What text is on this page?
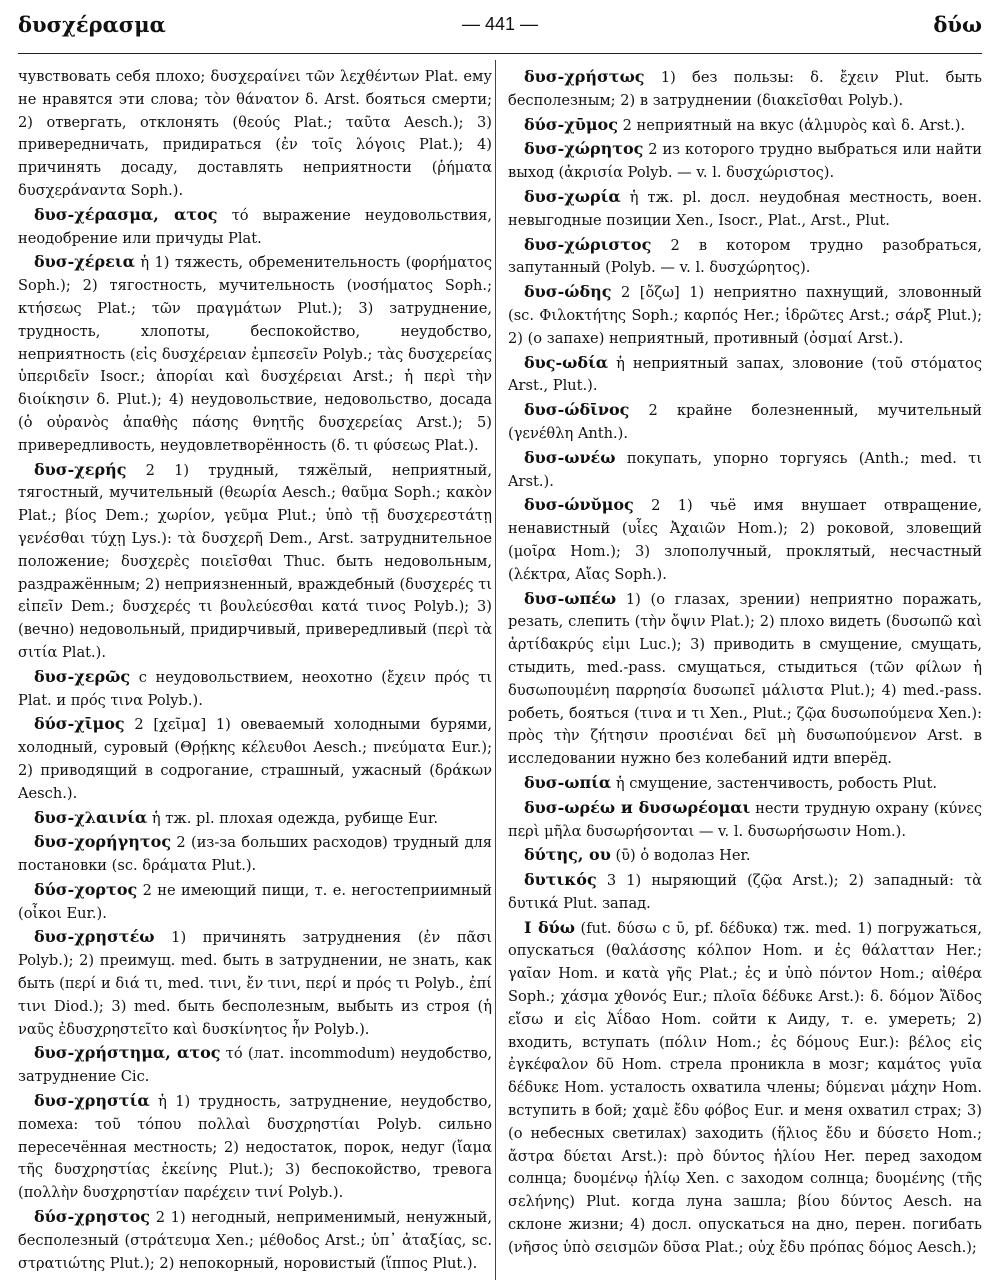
δυσχέρασμα	— 441 —	δύω

чувствовать себя плохо; δυσχεραίνει τῶν λεχθέντων Plat. ему не нравятся эти слова; τὸν θάνατον δ. Arst. бояться смерти; 2) отвергать, отклонять (θεούς Plat.; ταῦτα Aesch.); 3) привередничать, придираться (ἐν τοῖς λόγοις Plat.); 4) причинять досаду, доставлять неприятности (ῥήματα δυσχεράναντα Soph.).

δυσ-χέρασμα, ατος τό выражение неудовольствия, неодобрение или причуды Plat.

δυσ-χέρεια ἡ 1) тяжесть, обременительность (φορήματος Soph.); 2) тягостность, мучительность (νοσήματος Soph.; κτήσεως Plat.; τῶν πραγμάτων Plut.); 3) затруднение, трудность, хлопоты, беспокойство, неудобство, неприятность (εἰς δυσχέρειαν ἐμπεσεῖν Polyb.; τὰς δυσχερείας ὑπεριδεῖν Isocr.; ἀπορίαι καὶ δυσχέρειαι Arst.; ἡ περὶ τὴν διοίκησιν δ. Plut.); 4) неудовольствие, недовольство, досада (ὁ οὐρανὸς ἀπαθὴς πάσης θνητῆς δυσχερείας Arst.); 5) привередливость, неудовлетворённость (δ. τι φύσεως Plat.).

δυσ-χερής 2 1) трудный, тяжёлый, неприятный, тягостный, мучительный (θεωρία Aesch.; θαῦμα Soph.; κακὸν Plat.; βίος Dem.; χωρίον, γεῦμα Plut.; ὑπὸ τῇ δυσχερεστάτῃ γενέσθαι τύχῃ Lys.): τὰ δυσχερῆ Dem., Arst. затруднительное положение; δυσχερὲς ποιεῖσθαι Thuc. быть недовольным, раздражённым; 2) неприязненный, враждебный (δυσχερές τι εἰπεῖν Dem.; δυσχερές τι βουλεύεσθαι κατά τινος Polyb.); 3) (вечно) недовольный, придирчивый, привередливый (περὶ τὰ σιτία Plat.).

δυσ-χερῶς с неудовольствием, неохотно (ἔχειν πρός τι Plat. и πρός τινα Polyb.).

δύσ-χῑμος 2 [χεῖμα] 1) овеваемый холодными бурями, холодный, суровый (Θρῄκης κέλευθοι Aesch.; πνεύματα Eur.); 2) приводящий в содрогание, страшный, ужасный (δράκων Aesch.).

δυσ-χλαινία ἡ тж. pl. плохая одежда, рубище Eur.

δυσ-χορήγητος 2 (из-за больших расходов) трудный для постановки (sc. δράματα Plut.).

δύσ-χορτος 2 не имеющий пищи, т. е. негостеприимный (οἶκοι Eur.).

δυσ-χρηστέω 1) причинять затруднения (ἐν πᾶσι Polyb.); 2) преимущ. med. быть в затруднении, не знать, как быть (περί и διά τι, med. τινι, ἔν τινι, περί и πρός τι Polyb., ἐπί τινι Diod.); 3) med. быть бесполезным, выбыть из строя (ἡ ναῦς ἐδυσχρηστεῖτο καὶ δυσκίνητος ἦν Polyb.).

δυσ-χρήστημα, ατος τό (лат. incommodum) неудобство, затруднение Cic.

δυσ-χρηστία ἡ 1) трудность, затруднение, неудобство, помеха: τοῦ τόπου πολλαὶ δυσχρηστίαι Polyb. сильно пересечённая местность; 2) недостаток, порок, недуг (ἴαμα τῆς δυσχρηστίας ἐκείνης Plut.); 3) беспокойство, тревога (πολλὴν δυσχρηστίαν παρέχειν τινί Polyb.).

δύσ-χρηστος 2 1) негодный, неприменимый, ненужный, бесполезный (στράτευμα Xen.; μέθοδος Arst.; ὑπ᾽ ἀταξίας, sc. στρατιώτης Plut.); 2) непокорный, норовистый (ἵππος Plut.).

δυσ-χρήστως 1) без пользы: δ. ἔχειν Plut. быть бесполезным; 2) в затруднении (διακεῖσθαι Polyb.).

δύσ-χῡμος 2 неприятный на вкус (ἁλμυρὸς καὶ δ. Arst.).

δυσ-χώρητος 2 из которого трудно выбраться или найти выход (ἀκρισία Polyb. — v. l. δυσχώριστος).

δυσ-χωρία ἡ тж. pl. досл. неудобная местность, воен. невыгодные позиции Xen., Isocr., Plat., Arst., Plut.

δυσ-χώριστος 2 в котором трудно разобраться, запутанный (Polyb. — v. l. δυσχώρητος).

δυσ-ώδης 2 [ὄζω] 1) неприятно пахнущий, зловонный (sc. Φιλοκτήτης Soph.; καρπός Her.; ἱδρῶτες Arst.; σάρξ Plut.); 2) (о запахе) неприятный, противный (ὀσμαί Arst.).

δυς-ωδία ἡ неприятный запах, зловоние (τοῦ στόματος Arst., Plut.).

δυσ-ώδῑνος 2 крайне болезненный, мучительный (γενέθλη Anth.).

δυσ-ωνέω покупать, упорно торгуясь (Anth.; med. τι Arst.).

δυσ-ώνῠμος 2 1) чьё имя внушает отвращение, ненавистный (υἷες Ἀχαιῶν Hom.); 2) роковой, зловещий (μοῖρα Hom.); 3) злополучный, проклятый, несчастный (λέκτρα, Αἴας Soph.).

δυσ-ωπέω 1) (о глазах, зрении) неприятно поражать, резать, слепить (τὴν ὄψιν Plat.); 2) плохо видеть (δυσωπῶ καὶ ἀρτίδακρύς εἰμι Luc.); 3) приводить в смущение, смущать, стыдить, med.-pass. смущаться, стыдиться (τῶν φίλων ἡ δυσωπουμένη παρρησία δυσωπεῖ μάλιστα Plut.); 4) med.-pass. робеть, бояться (τινα и τι Xen., Plut.; ζῷα δυσωπούμενα Xen.): πρὸς τὴν ζήτησιν προσιέναι δεῖ μὴ δυσωπούμενον Arst. в исследовании нужно без колебаний идти вперёд.

δυσ-ωπία ἡ смущение, застенчивость, робость Plut.

δυσ-ωρέω и δυσωρέομαι нести трудную охрану (κύνες περὶ μῆλα δυσωρήσονται — v. l. δυσωρήσωσιν Hom.).

δύτης, ου (ῡ) ὁ водолаз Her.

δυτικός 3 1) ныряющий (ζῷα Arst.); 2) западный: τὰ δυτικά Plut. запад.

I δύω (fut. δύσω с ῡ, pf. δέδυκα) тж. med. 1) погружаться, опускаться (θαλάσσης κόλπον Hom. и ἐς θάλατταν Her.; γαῖαν Hom. и κατὰ γῆς Plat.; ἐς и ὑπὸ πόντον Hom.; αἰθέρα Soph.; χάσμα χθονός Eur.; πλοῖα δέδυκε Arst.): δ. δόμον Ἄϊδος εἴσω и εἰς Ἀΐδαο Hom. сойти к Аиду, т. е. умереть; 2) входить, вступать (πόλιν Hom.; ἐς δόμους Eur.): βέλος εἰς ἐγκέφαλον δῦ Hom. стрела проникла в мозг; καμάτος γυῖα δέδυκε Hom. усталость охватила члены; δύμεναι μάχην Hom. вступить в бой; χαμὲ ἔδυ φόβος Eur. и меня охватил страх; 3) (о небесных светилах) заходить (ἥλιος ἔδυ и δύσετο Hom.; ἄστρα δύεται Arst.): πρὸ δύντος ἡλίου Her. перед заходом солнца; δυομένῳ ἡλίῳ Xen. с заходом солнца; δυομένης (τῆς σελήνης) Plut. когда луна зашла; βίου δύντος Aesch. на склоне жизни; 4) досл. опускаться на дно, перен. погибать (νῆσος ὑπὸ σεισμῶν δῦσα Plat.; οὐχ ἔδυ πρόπας δόμος Aesch.);
